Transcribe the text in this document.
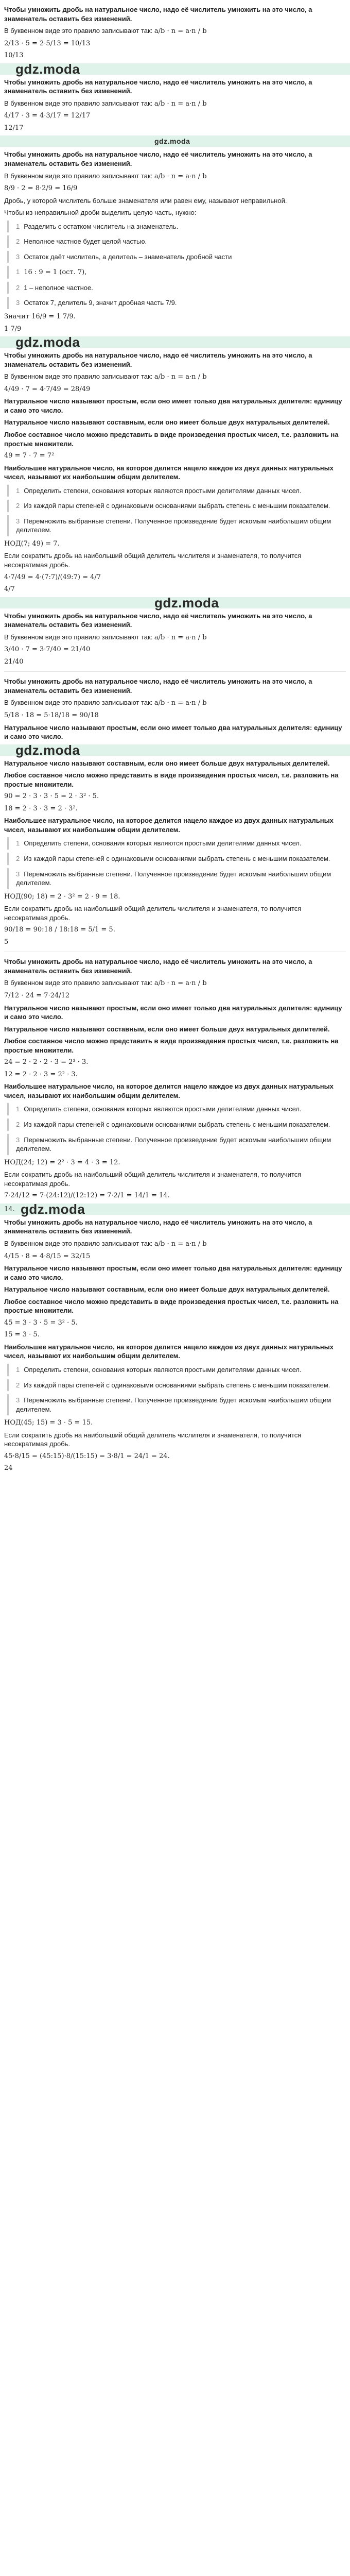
Чтобы умножить дробь на натуральное число, надо её числитель умножить на это число, а знаменатель оставить без изменений.
В буквенном виде это правило записывают так: a/b · n = a·n / b
2/13 · 5 = 2·5/13 = 10/13
10/13
gdz.moda
Чтобы умножить дробь на натуральное число, надо её числитель умножить на это число, а знаменатель оставить без изменений.
В буквенном виде это правило записывают так: a/b · n = a·n / b
4/17 · 3 = 4·3/17 = 12/17
12/17
gdz.moda
Чтобы умножить дробь на натуральное число, надо её числитель умножить на это число, а знаменатель оставить без изменений.
В буквенном виде это правило записывают так: a/b · n = a·n / b
8/9 · 2 = 8·2/9 = 16/9
Дробь, у которой числитель больше знаменателя или равен ему, называют неправильной.
Чтобы из неправильной дроби выделить целую часть, нужно:
1 Разделить с остатком числитель на знаменатель.
2 Неполное частное будет целой частью.
3 Остаток даёт числитель, а делитель – знаменатель дробной части
1 16 : 9 = 1 (ост. 7),
2 1 – неполное частное.
3 Остаток 7, делитель 9, значит дробная часть 7/9.
Значит 16/9 = 1 7/9.
1 7/9
gdz.moda
Чтобы умножить дробь на натуральное число, надо её числитель умножить на это число, а знаменатель оставить без изменений.
В буквенном виде это правило записывают так: a/b · n = a·n / b
4/49 · 7 = 4·7/49 = 28/49
Натуральное число называют простым, если оно имеет только два натуральных делителя: единицу и само это число.
Натуральное число называют составным, если оно имеет больше двух натуральных делителей.
Любое составное число можно представить в виде произведения простых чисел, т.е. разложить на простые множители.
49 = 7 · 7 = 7²
Наибольшее натуральное число, на которое делится нацело каждое из двух данных натуральных чисел, называют их наибольшим общим делителем.
1 Определить степени, основания которых являются простыми делителями данных чисел.
2 Из каждой пары степеней с одинаковыми основаниями выбрать степень с меньшим показателем.
3 Перемножить выбранные степени. Полученное произведение будет искомым наибольшим общим делителем.
НОД(7; 49) = 7.
Если сократить дробь на наибольший общий делитель числителя и знаменателя, то получится несократимая дробь.
4·7/49 = 4·(7:7)/(49:7) = 4/7
4/7
gdz.moda
Чтобы умножить дробь на натуральное число, надо её числитель умножить на это число, а знаменатель оставить без изменений.
В буквенном виде это правило записывают так: a/b · n = a·n / b
3/40 · 7 = 3·7/40 = 21/40
21/40
Чтобы умножить дробь на натуральное число, надо её числитель умножить на это число, а знаменатель оставить без изменений.
В буквенном виде это правило записывают так: a/b · n = a·n / b
5/18 · 18 = 5·18/18 = 90/18
Натуральное число называют простым, если оно имеет только два натуральных делителя: единицу и само это число.
gdz.moda
Натуральное число называют составным, если оно имеет больше двух натуральных делителей.
Любое составное число можно представить в виде произведения простых чисел, т.е. разложить на простые множители.
90 = 2 · 3 · 3 · 5 = 2 · 3² · 5.
18 = 2 · 3 · 3 = 2 · 3².
Наибольшее натуральное число, на которое делится нацело каждое из двух данных натуральных чисел, называют их наибольшим общим делителем.
1 Определить степени, основания которых являются простыми делителями данных чисел.
2 Из каждой пары степеней с одинаковыми основаниями выбрать степень с меньшим показателем.
3 Перемножить выбранные степени. Полученное произведение будет искомым наибольшим общим делителем.
НОД(90; 18) = 2 · 3² = 2 · 9 = 18.
Если сократить дробь на наибольший общий делитель числителя и знаменателя, то получится несократимая дробь.
90/18 = 90:18 / 18:18 = 5/1 = 5.
5
Чтобы умножить дробь на натуральное число, надо её числитель умножить на это число, а знаменатель оставить без изменений.
В буквенном виде это правило записывают так: a/b · n = a·n / b
7/12 · 24 = 7·24/12
Натуральное число называют простым, если оно имеет только два натуральных делителя: единицу и само это число.
Натуральное число называют составным, если оно имеет больше двух натуральных делителей.
Любое составное число можно представить в виде произведения простых чисел, т.е. разложить на простые множители.
24 = 2 · 2 · 2 · 3 = 2³ · 3.
12 = 2 · 2 · 3 = 2² · 3.
Наибольшее натуральное число, на которое делится нацело каждое из двух данных натуральных чисел, называют их наибольшим общим делителем.
1 Определить степени, основания которых являются простыми делителями данных чисел.
2 Из каждой пары степеней с одинаковыми основаниями выбрать степень с меньшим показателем.
3 Перемножить выбранные степени. Полученное произведение будет искомым наибольшим общим делителем.
НОД(24; 12) = 2² · 3 = 4 · 3 = 12.
Если сократить дробь на наибольший общий делитель числителя и знаменателя, то получится несократимая дробь.
7·24/12 = 7·(24:12)/(12:12) = 7·2/1 = 14/1 = 14.
14. gdz.moda
Чтобы умножить дробь на натуральное число, надо её числитель умножить на это число, а знаменатель оставить без изменений.
В буквенном виде это правило записывают так: a/b · n = a·n / b
4/15 · 8 = 4·8/15 = 32/15
Натуральное число называют простым, если оно имеет только два натуральных делителя: единицу и само это число.
Натуральное число называют составным, если оно имеет больше двух натуральных делителей.
Любое составное число можно представить в виде произведения простых чисел, т.е. разложить на простые множители.
45 = 3 · 3 · 5 = 3² · 5.
15 = 3 · 5.
Наибольшее натуральное число, на которое делится нацело каждое из двух данных натуральных чисел, называют их наибольшим общим делителем.
1 Определить степени, основания которых являются простыми делителями данных чисел.
2 Из каждой пары степеней с одинаковыми основаниями выбрать степень с меньшим показателем.
3 Перемножить выбранные степени. Полученное произведение будет искомым наибольшим общим делителем.
НОД(45; 15) = 3 · 5 = 15.
Если сократить дробь на наибольший общий делитель числителя и знаменателя, то получится несократимая дробь.
45·8/15 = (45:15)·8/(15:15) = 3·8/1 = 24/1 = 24.
24
